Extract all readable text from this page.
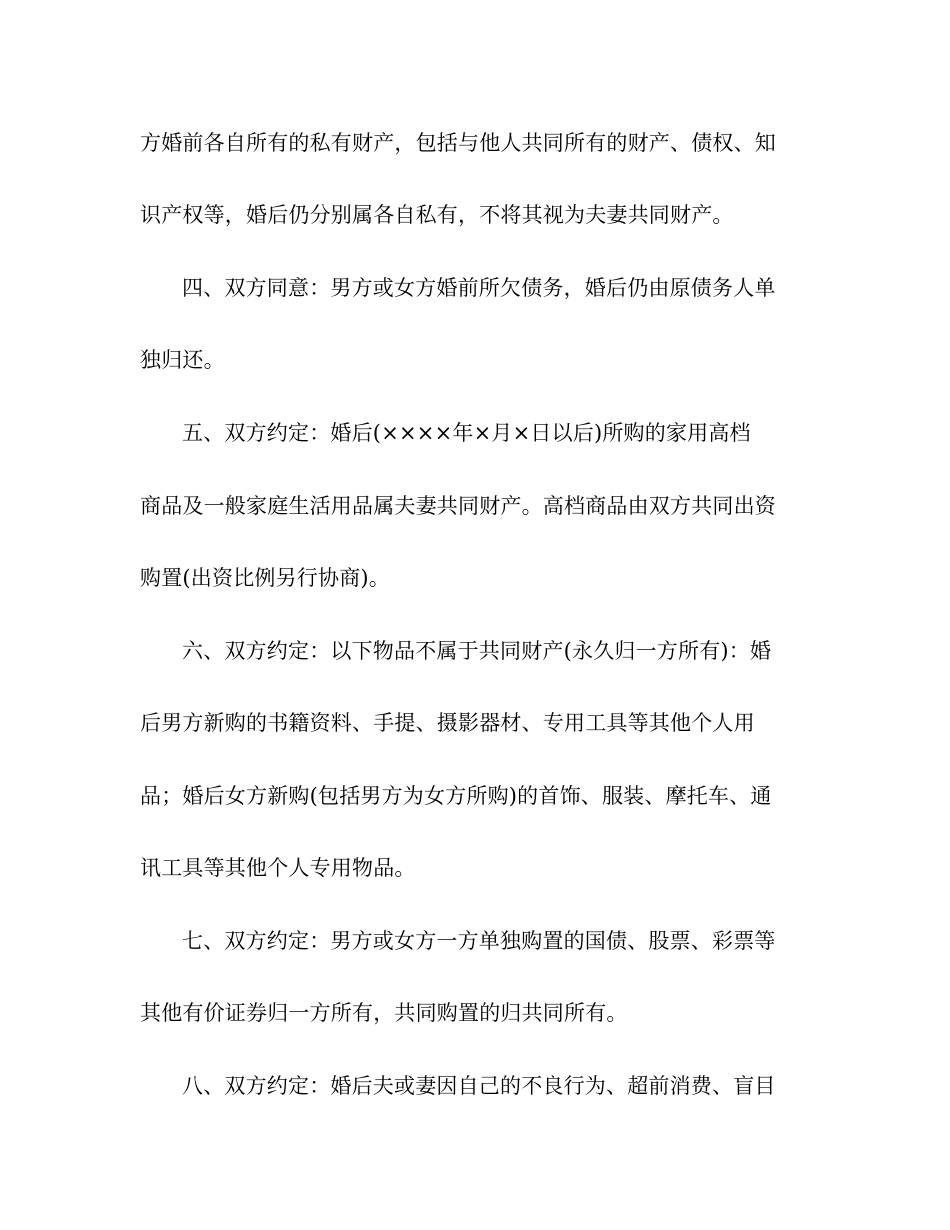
方婚前各自所有的私有财产，包括与他人共同所有的财产、债权、知
识产权等，婚后仍分别属各自私有，不将其视为夫妻共同财产。
四、双方同意：男方或女方婚前所欠债务，婚后仍由原债务人单
独归还。
五、双方约定：婚后(××××年×月×日以后)所购的家用高档
商品及一般家庭生活用品属夫妻共同财产。高档商品由双方共同出资
购置(出资比例另行协商)。
六、双方约定：以下物品不属于共同财产(永久归一方所有)：婚
后男方新购的书籍资料、手提、摄影器材、专用工具等其他个人用
品；婚后女方新购(包括男方为女方所购)的首饰、服装、摩托车、通
讯工具等其他个人专用物品。
七、双方约定：男方或女方一方单独购置的国债、股票、彩票等
其他有价证券归一方所有，共同购置的归共同所有。
八、双方约定：婚后夫或妻因自己的不良行为、超前消费、盲目
